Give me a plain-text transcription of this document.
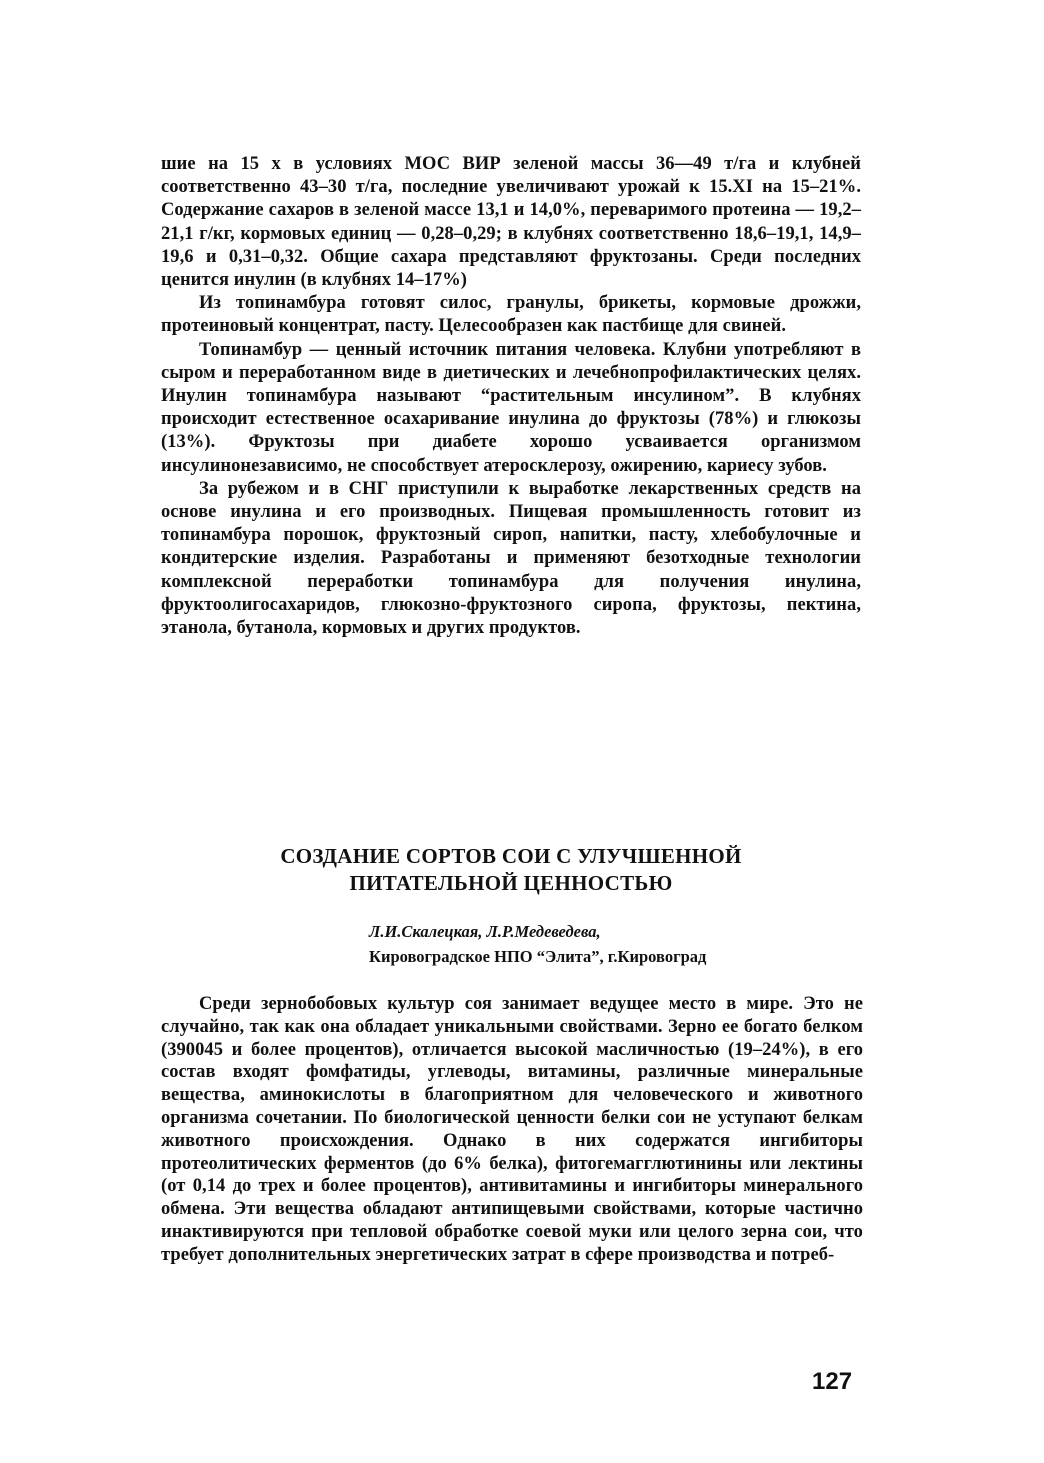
шие на 15 х в условиях МОС ВИР зеленой массы 36—49 т/га и клубней соответственно 43–30 т/га, последние увеличивают урожай к 15.XI на 15–21%. Содержание сахаров в зеленой массе 13,1 и 14,0%, переваримого протеина — 19,2–21,1 г/кг, кормовых единиц — 0,28–0,29; в клубнях соответственно 18,6–19,1, 14,9–19,6 и 0,31–0,32. Общие сахара представляют фруктозаны. Среди последних ценится инулин (в клубнях 14–17%)

Из топинамбура готовят силос, гранулы, брикеты, кормовые дрожжи, протеиновый концентрат, пасту. Целесообразен как пастбище для свиней.

Топинамбур — ценный источник питания человека. Клубни употребляют в сыром и переработанном виде в диетических и лечебнопрофилактических целях. Инулин топинамбура называют “растительным инсулином”. В клубнях происходит естественное осахаривание инулина до фруктозы (78%) и глюкозы (13%). Фруктозы при диабете хорошо усваивается организмом инсулинонезависимо, не способствует атеросклерозу, ожирению, кариесу зубов.

За рубежом и в СНГ приступили к выработке лекарственных средств на основе инулина и его производных. Пищевая промышленность готовит из топинамбура порошок, фруктозный сироп, напитки, пасту, хлебобулочные и кондитерские изделия. Разработаны и применяют безотходные технологии комплексной переработки топинамбура для получения инулина, фруктоолигосахаридов, глюкозно-фруктозного сиропа, фруктозы, пектина, этанола, бутанола, кормовых и других продуктов.

СОЗДАНИЕ СОРТОВ СОИ С УЛУЧШЕННОЙ
ПИТАТЕЛЬНОЙ ЦЕННОСТЬЮ
Л.И.Скалецкая, Л.Р.Медеведева,
Кировоградское НПО “Элита”, г.Кировоград

Среди зернобобовых культур соя занимает ведущее место в мире. Это не случайно, так как она обладает уникальными свойствами. Зерно ее богато белком (390045 и более процентов), отличается высокой масличностью (19–24%), в его состав входят фомфатиды, углеводы, витамины, различные минеральные вещества, аминокислоты в благоприятном для человеческого и животного организма сочетании. По биологической ценности белки сои не уступают белкам животного происхождения. Однако в них содержатся ингибиторы протеолитических ферментов (до 6% белка), фитогемагглютинины или лектины (от 0,14 до трех и более процентов), антивитамины и ингибиторы минерального обмена. Эти вещества обладают антипищевыми свойствами, которые частично инактивируются при тепловой обработке соевой муки или целого зерна сои, что требует дополнительных энергетических затрат в сфере производства и потреб-

127
